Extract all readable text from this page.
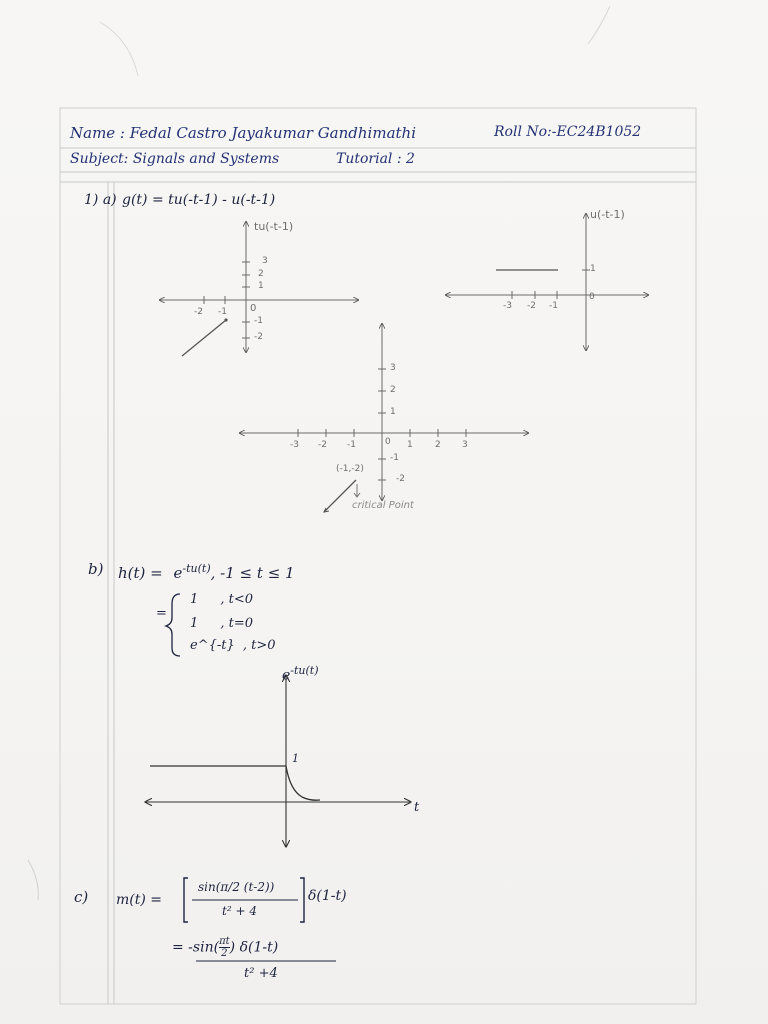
Name : Fedal Castro Jayakumar Gandhimathi	Roll No:-EC24B1052
Subject: Signals and Systems	Tutorial : 2
1) a) g(t) = tu(-t-1) - u(-t-1)
tu(-t-1)
3
2
1
0
-1
-2
-2 -1
u(-t-1)
1
0
-3 -2 -1
3
2
1
-1
-2
-3 -2 -1	0 1 2 3
(-1,-2)
critical Point
b) $h(t) = e^{-tu(t)}$, -1 ≤ t ≤ 1
=
1 , t<0
1 , t=0
e^{-t} , t>0
$e^{-tu(t)}$
1
t
c) m(t) =
sin(π/2 (t-2))
t² + 4
δ(1-t)
= $-\sin( \frac{\pi t}{2}$ ) δ(1-t)
t² +4
